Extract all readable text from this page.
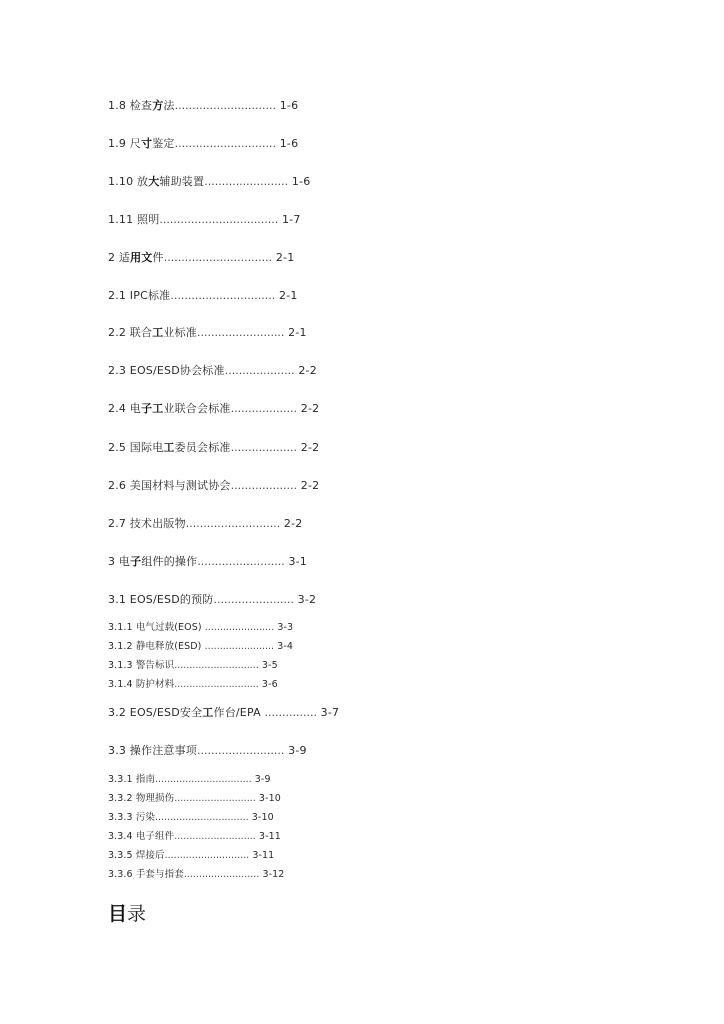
1.8 检查方法............................. 1-6
1.9 尺寸鉴定............................. 1-6
1.10 放大辅助装置........................ 1-6
1.11 照明.................................. 1-7
2 适用文件............................... 2-1
2.1 IPC标准.............................. 2-1
2.2 联合工业标准......................... 2-1
2.3 EOS/ESD协会标准.................... 2-2
2.4 电子工业联合会标准................... 2-2
2.5 国际电工委员会标准................... 2-2
2.6 美国材料与测试协会................... 2-2
2.7 技术出版物........................... 2-2
3 电子组件的操作......................... 3-1
3.1 EOS/ESD的预防....................... 3-2
3.1.1 电气过载(EOS) ....................... 3-3
3.1.2 静电释放(ESD) ....................... 3-4
3.1.3 警告标识............................ 3-5
3.1.4 防护材料............................ 3-6
3.2 EOS/ESD安全工作台/EPA ............... 3-7
3.3 操作注意事项......................... 3-9
3.3.1 指南................................ 3-9
3.3.2 物理损伤........................... 3-10
3.3.3 污染............................... 3-10
3.3.4 电子组件........................... 3-11
3.3.5 焊接后............................ 3-11
3.3.6 手套与指套......................... 3-12
目录
